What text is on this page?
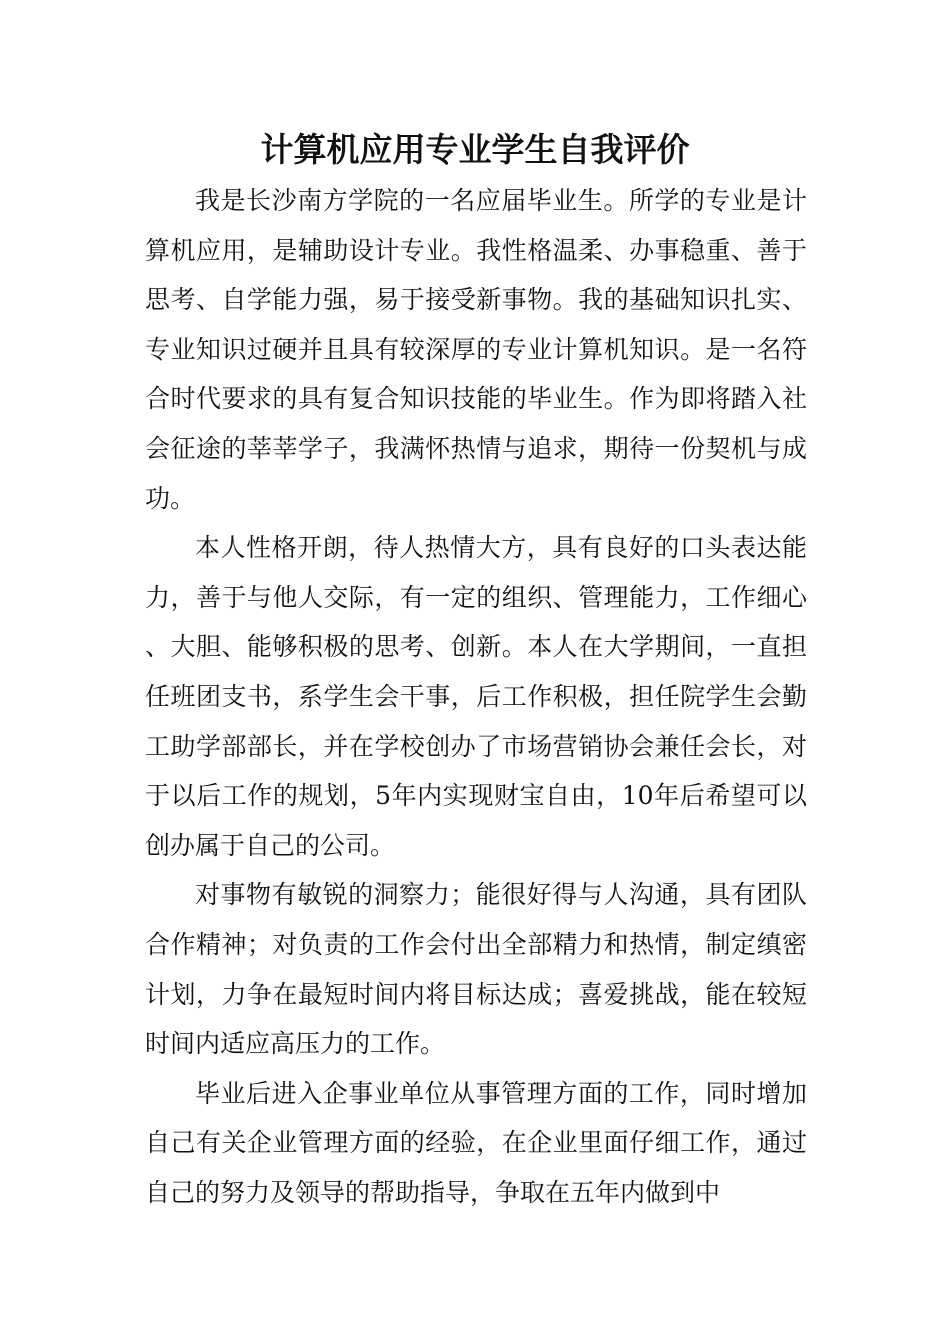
计算机应用专业学生自我评价

我是长沙南方学院的一名应届毕业生。所学的专业是计算机应用，是辅助设计专业。我性格温柔、办事稳重、善于思考、自学能力强，易于接受新事物。我的基础知识扎实、专业知识过硬并且具有较深厚的专业计算机知识。是一名符合时代要求的具有复合知识技能的毕业生。作为即将踏入社会征途的莘莘学子，我满怀热情与追求，期待一份契机与成功。

本人性格开朗，待人热情大方，具有良好的口头表达能力，善于与他人交际，有一定的组织、管理能力，工作细心、大胆、能够积极的思考、创新。本人在大学期间，一直担任班团支书，系学生会干事，后工作积极，担任院学生会勤工助学部部长，并在学校创办了市场营销协会兼任会长，对于以后工作的规划，5年内实现财宝自由，10年后希望可以创办属于自己的公司。

对事物有敏锐的洞察力；能很好得与人沟通，具有团队合作精神；对负责的工作会付出全部精力和热情，制定缜密计划，力争在最短时间内将目标达成；喜爱挑战，能在较短时间内适应高压力的工作。

毕业后进入企事业单位从事管理方面的工作，同时增加自己有关企业管理方面的经验，在企业里面仔细工作，通过自己的努力及领导的帮助指导，争取在五年内做到中
